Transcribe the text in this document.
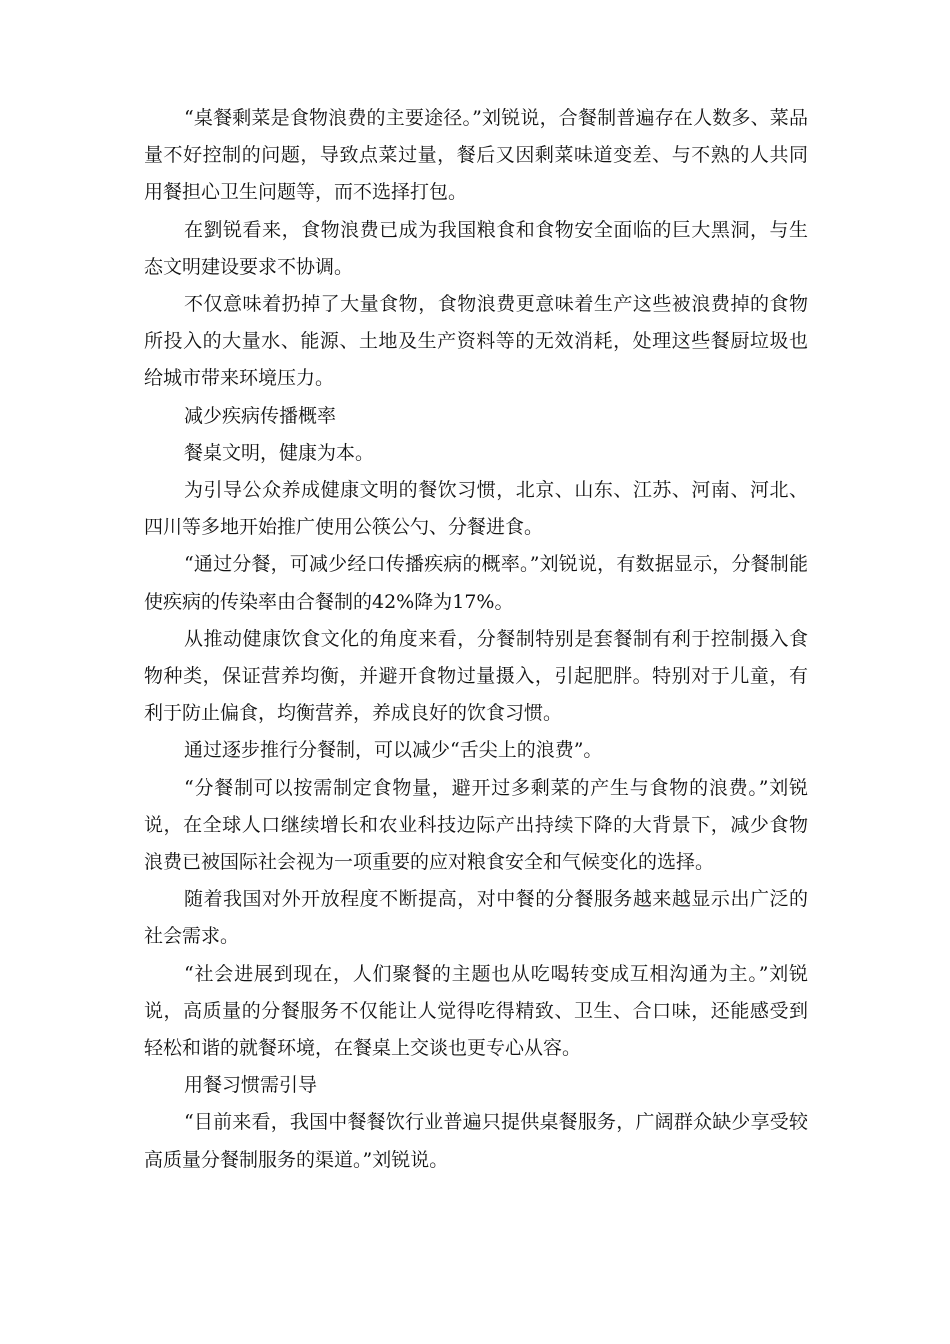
“桌餐剩菜是食物浪费的主要途径。”刘锐说，合餐制普遍存在人数多、菜品量不好控制的问题，导致点菜过量，餐后又因剩菜味道变差、与不熟的人共同用餐担心卫生问题等，而不选择打包。

在劉锐看来，食物浪费已成为我国粮食和食物安全面临的巨大黑洞，与生态文明建设要求不协调。

不仅意味着扔掉了大量食物，食物浪费更意味着生产这些被浪费掉的食物所投入的大量水、能源、土地及生产资料等的无效消耗，处理这些餐厨垃圾也给城市带来环境压力。

减少疾病传播概率

餐桌文明，健康为本。

为引导公众养成健康文明的餐饮习惯，北京、山东、江苏、河南、河北、四川等多地开始推广使用公筷公勺、分餐进食。

“通过分餐，可减少经口传播疾病的概率。”刘锐说，有数据显示，分餐制能使疾病的传染率由合餐制的42%降为17%。

从推动健康饮食文化的角度来看，分餐制特别是套餐制有利于控制摄入食物种类，保证营养均衡，并避开食物过量摄入，引起肥胖。特别对于儿童，有利于防止偏食，均衡营养，养成良好的饮食习惯。

通过逐步推行分餐制，可以减少“舌尖上的浪费”。

“分餐制可以按需制定食物量，避开过多剩菜的产生与食物的浪费。”刘锐说，在全球人口继续增长和农业科技边际产出持续下降的大背景下，减少食物浪费已被国际社会视为一项重要的应对粮食安全和气候变化的选择。

随着我国对外开放程度不断提高，对中餐的分餐服务越来越显示出广泛的社会需求。

“社会进展到现在，人们聚餐的主题也从吃喝转变成互相沟通为主。”刘锐说，高质量的分餐服务不仅能让人觉得吃得精致、卫生、合口味，还能感受到轻松和谐的就餐环境，在餐桌上交谈也更专心从容。

用餐习惯需引导

“目前来看，我国中餐餐饮行业普遍只提供桌餐服务，广阔群众缺少享受较高质量分餐制服务的渠道。”刘锐说。
